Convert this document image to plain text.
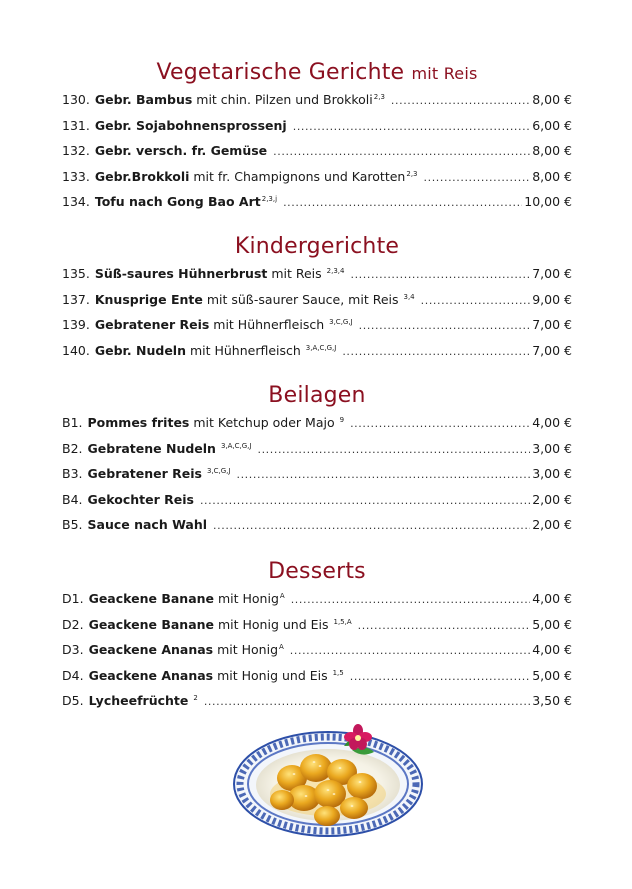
Vegetarische Gerichte mit Reis
130. Gebr. Bambus mit chin. Pilzen und Brokkoli$^{2,3}$ .....	8,00 €
131. Gebr. Sojabohnensprossenj .....	6,00 €
132. Gebr. versch. fr. Gemüse .....	8,00 €
133. Gebr.Brokkoli mit fr. Champignons und Karotten$^{2,3}$ .....	8,00 €
134. Tofu nach Gong Bao Art$^{2,3,j}$ .....	10,00 €
Kindergerichte
135. Süß-saures Hühnerbrust mit Reis $^{2,3,4}$ .....	7,00 €
137. Knusprige Ente mit süß-saurer Sauce, mit Reis $^{3,4}$ .....	9,00 €
139. Gebratener Reis mit Hühnerfleisch $^{3,C,G,J}$ .....	7,00 €
140. Gebr. Nudeln mit Hühnerfleisch $^{3,A,C,G,J}$ .....	7,00 €
Beilagen
B1. Pommes frites mit Ketchup oder Majo $^9$ .....	4,00 €
B2. Gebratene Nudeln $^{3,A,C,G,J}$ .....	3,00 €
B3. Gebratener Reis $^{3,C,G,J}$ .....	3,00 €
B4. Gekochter Reis .....	2,00 €
B5. Sauce nach Wahl .....	2,00 €
Desserts
D1. Geackene Banane mit Honig$^A$ .....	4,00 €
D2. Geackene Banane mit Honig und Eis $^{1,5,A}$ .....	5,00 €
D3. Geackene Ananas mit Honig$^A$ .....	4,00 €
D4. Geackene Ananas mit Honig und Eis $^{1,5}$ .....	5,00 €
D5. Lycheefrüchte $^2$ .....	3,50 €
